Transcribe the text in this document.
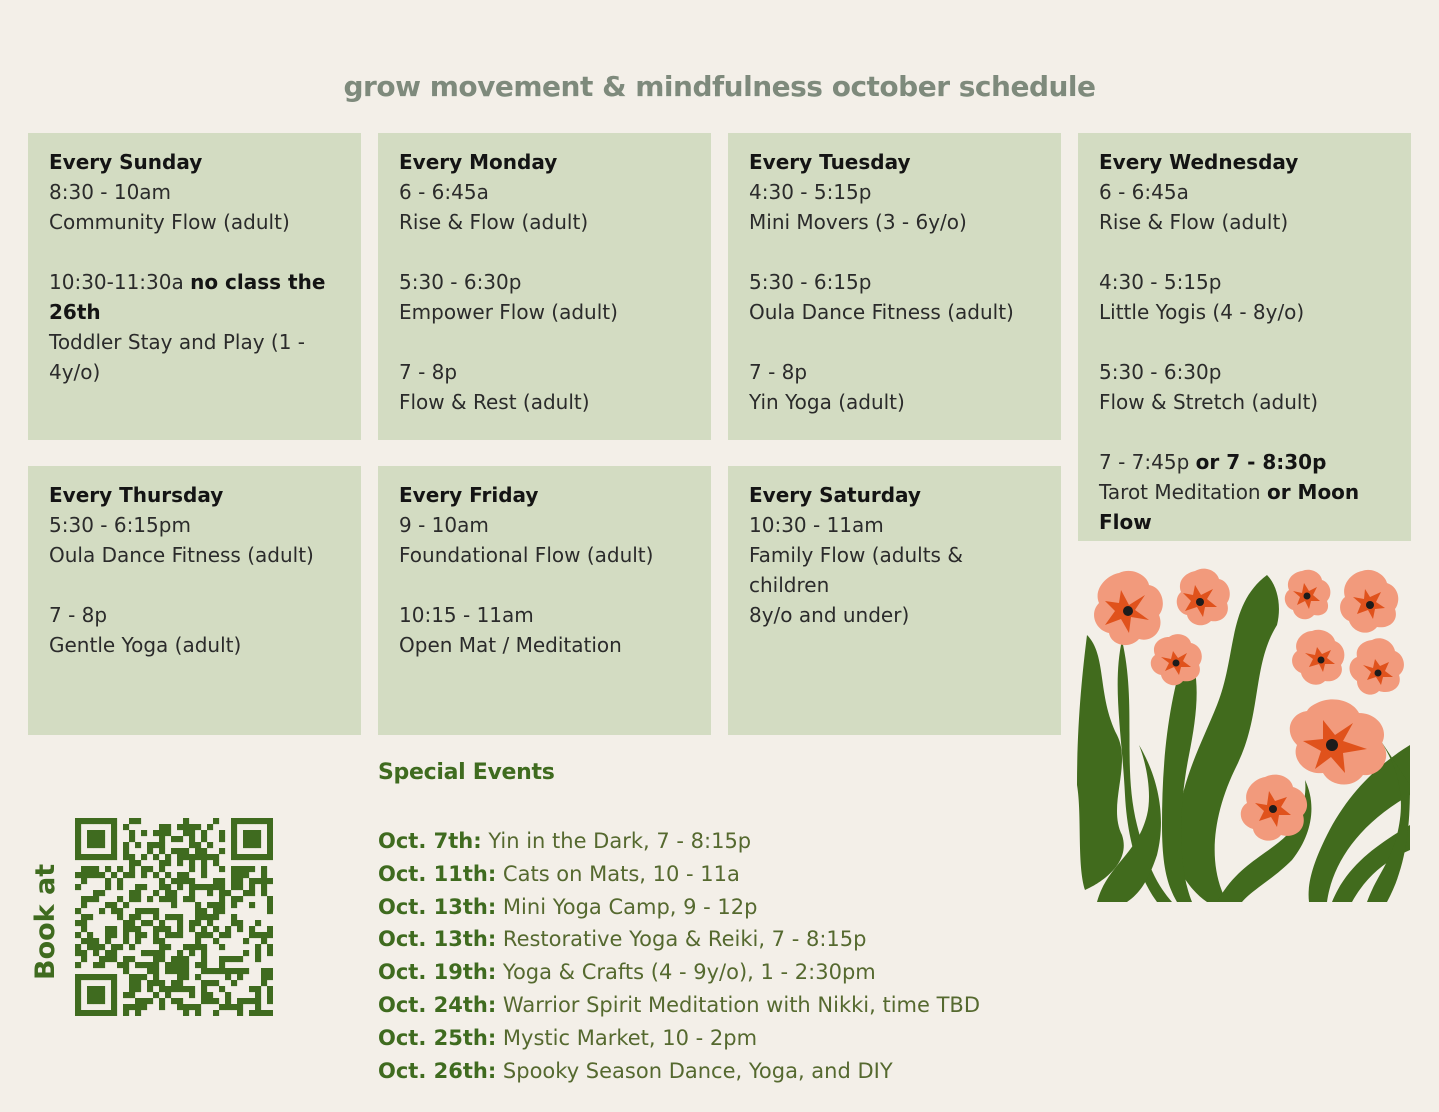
grow movement & mindfulness october schedule
Every Sunday
8:30 - 10am
Community Flow (adult)
10:30-11:30a no class the 26th
Toddler Stay and Play (1 - 4y/o)
Every Monday
6 - 6:45a
Rise & Flow (adult)
5:30 - 6:30p
Empower Flow (adult)
7 - 8p
Flow & Rest (adult)
Every Tuesday
4:30 - 5:15p
Mini Movers (3 - 6y/o)
5:30 - 6:15p
Oula Dance Fitness (adult)
7 - 8p
Yin Yoga (adult)
Every Wednesday
6 - 6:45a
Rise & Flow (adult)
4:30 - 5:15p
Little Yogis (4 - 8y/o)
5:30 - 6:30p
Flow & Stretch (adult)
7 - 7:45p or 7 - 8:30p
Tarot Meditation or Moon Flow
Every Thursday
5:30 - 6:15pm
Oula Dance Fitness (adult)
7 - 8p
Gentle Yoga (adult)
Every Friday
9 - 10am
Foundational Flow (adult)
10:15 - 11am
Open Mat / Meditation
Every Saturday
10:30 - 11am
Family Flow (adults & children
8y/o and under)
Special Events
Oct. 7th: Yin in the Dark, 7 - 8:15p
Oct. 11th: Cats on Mats, 10 - 11a
Oct. 13th: Mini Yoga Camp, 9 - 12p
Oct. 13th: Restorative Yoga & Reiki, 7 - 8:15p
Oct. 19th: Yoga & Crafts (4 - 9y/o), 1 - 2:30pm
Oct. 24th: Warrior Spirit Meditation with Nikki, time TBD
Oct. 25th: Mystic Market, 10 - 2pm
Oct. 26th: Spooky Season Dance, Yoga, and DIY
Book at
